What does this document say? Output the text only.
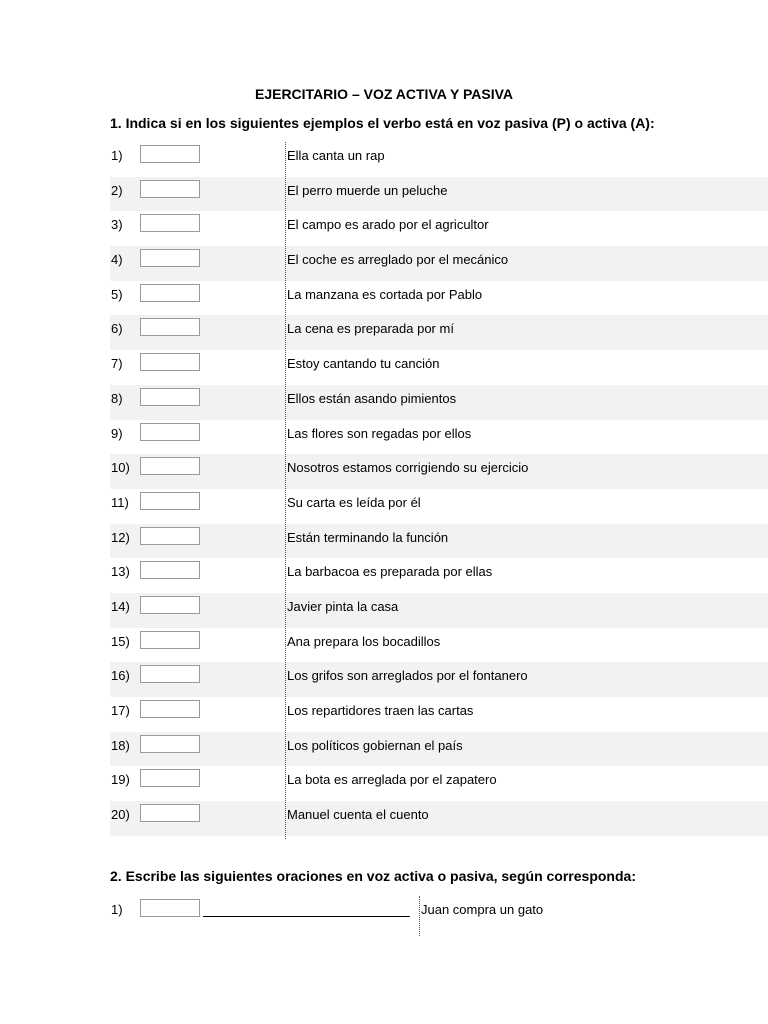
EJERCITARIO – VOZ ACTIVA Y PASIVA
1. Indica si en los siguientes ejemplos el verbo está en voz pasiva (P) o activa (A):
1)	Ella canta un rap
2)	El perro muerde un peluche
3)	El campo es arado por el agricultor
4)	El coche es arreglado por el mecánico
5)	La manzana es cortada por Pablo
6)	La cena es preparada por mí
7)	Estoy cantando tu canción
8)	Ellos están asando pimientos
9)	Las flores son regadas por ellos
10)	Nosotros estamos corrigiendo su ejercicio
11)	Su carta es leída por él
12)	Están terminando la función
13)	La barbacoa es preparada por ellas
14)	Javier pinta la casa
15)	Ana prepara los bocadillos
16)	Los grifos son arreglados por el fontanero
17)	Los repartidores traen las cartas
18)	Los políticos gobiernan el país
19)	La bota es arreglada por el zapatero
20)	Manuel cuenta el cuento
2. Escribe las siguientes oraciones en voz activa o pasiva, según corresponda:
1)	Juan compra un gato
